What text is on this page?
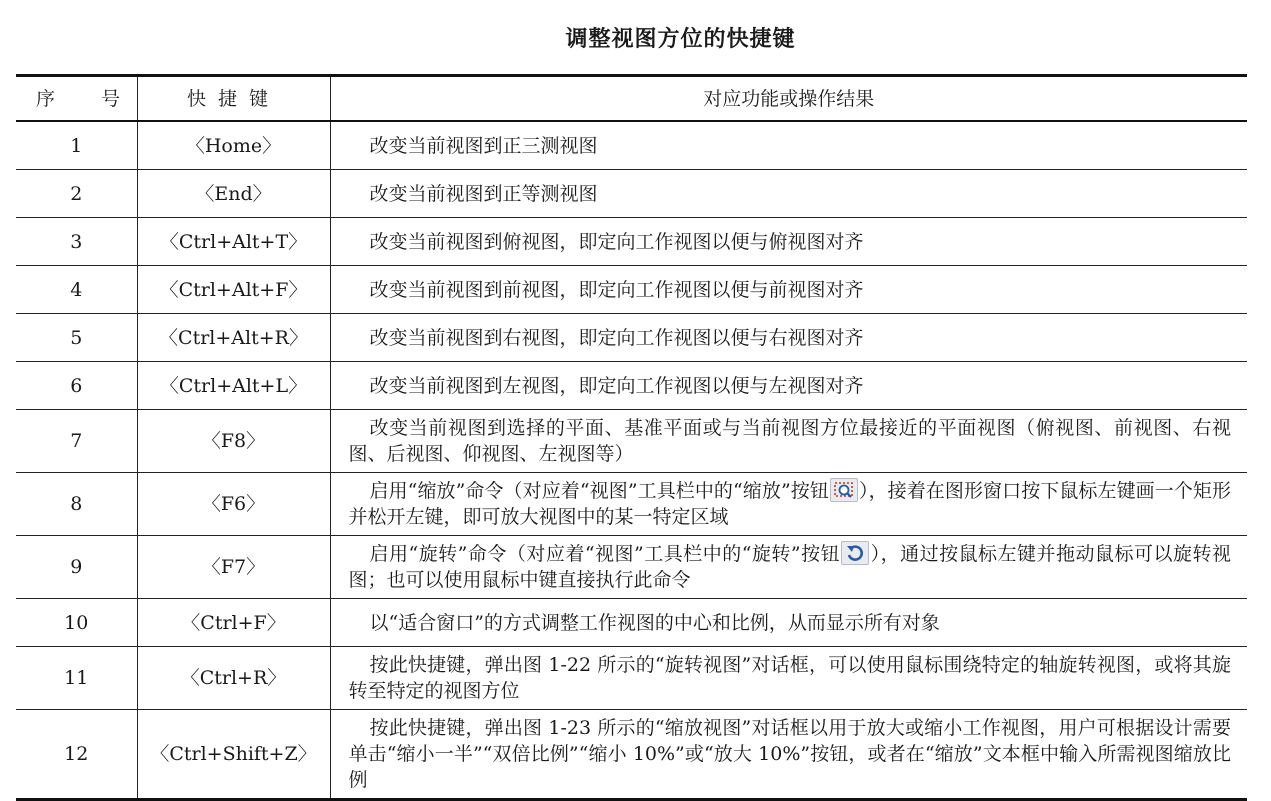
调整视图方位的快捷键
序 号	快捷键	对应功能或操作结果
1	〈Home〉	改变当前视图到正三测视图
2	〈End〉	改变当前视图到正等测视图
3	〈Ctrl+Alt+T〉	改变当前视图到俯视图，即定向工作视图以便与俯视图对齐
4	〈Ctrl+Alt+F〉	改变当前视图到前视图，即定向工作视图以便与前视图对齐
5	〈Ctrl+Alt+R〉	改变当前视图到右视图，即定向工作视图以便与右视图对齐
6	〈Ctrl+Alt+L〉	改变当前视图到左视图，即定向工作视图以便与左视图对齐
7	〈F8〉	改变当前视图到选择的平面、基准平面或与当前视图方位最接近的平面视图（俯视图、前视图、右视图、后视图、仰视图、左视图等）
8	〈F6〉	启用“缩放”命令（对应着“视图”工具栏中的“缩放”按钮 ），接着在图形窗口按下鼠标左键画一个矩形并松开左键，即可放大视图中的某一特定区域
9	〈F7〉	启用“旋转”命令（对应着“视图”工具栏中的“旋转”按钮 ），通过按鼠标左键并拖动鼠标可以旋转视图；也可以使用鼠标中键直接执行此命令
10	〈Ctrl+F〉	以“适合窗口”的方式调整工作视图的中心和比例，从而显示所有对象
11	〈Ctrl+R〉	按此快捷键，弹出图 1-22 所示的“旋转视图”对话框，可以使用鼠标围绕特定的轴旋转视图，或将其旋转至特定的视图方位
12	〈Ctrl+Shift+Z〉	按此快捷键，弹出图 1-23 所示的“缩放视图”对话框以用于放大或缩小工作视图，用户可根据设计需要单击“缩小一半”“双倍比例”“缩小 10%”或“放大 10%”按钮，或者在“缩放”文本框中输入所需视图缩放比例
